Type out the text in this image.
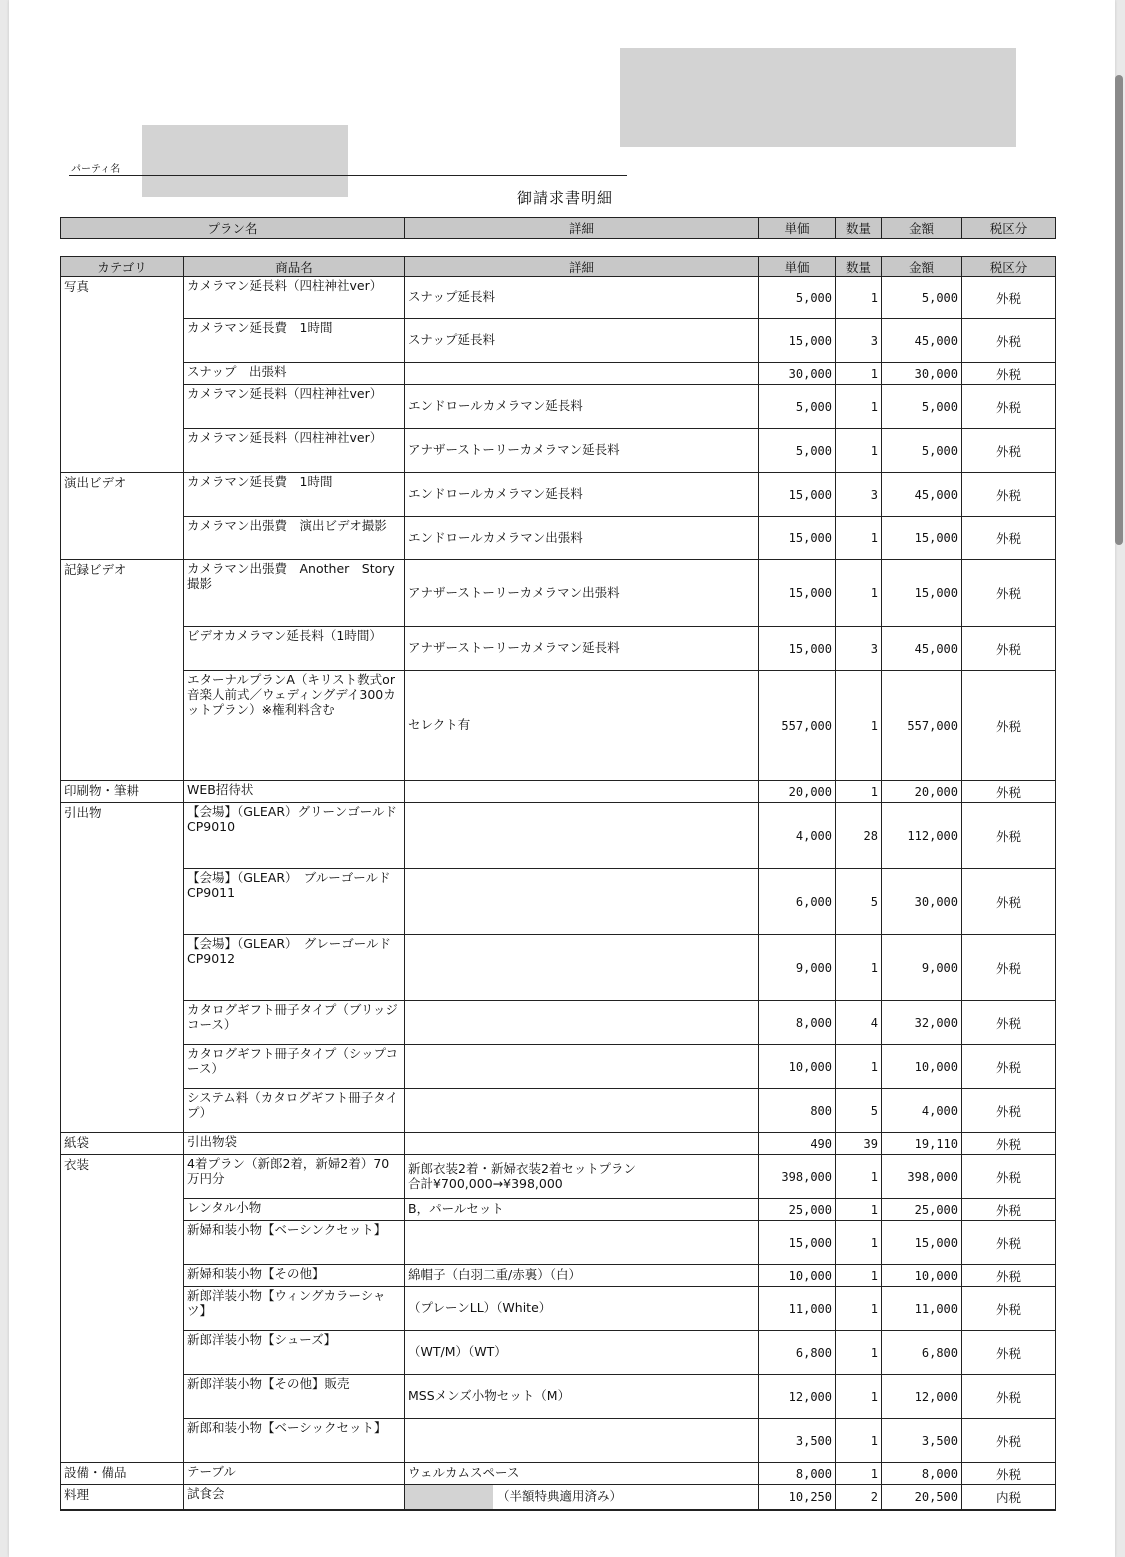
パーティ名
御請求書明細
プラン名	詳細	単価	数量	金額	税区分
カテゴリ	商品名	詳細	単価	数量	金額	税区分
写真	カメラマン延長料（四柱神社ver）	スナップ延長料	5,000	1	5,000	外税
	カメラマン延長費　1時間	スナップ延長料	15,000	3	45,000	外税
	スナップ　出張料		30,000	1	30,000	外税
	カメラマン延長料（四柱神社ver）	エンドロールカメラマン延長料	5,000	1	5,000	外税
	カメラマン延長料（四柱神社ver）	アナザーストーリーカメラマン延長料	5,000	1	5,000	外税
演出ビデオ	カメラマン延長費　1時間	エンドロールカメラマン延長料	15,000	3	45,000	外税
	カメラマン出張費　演出ビデオ撮影	エンドロールカメラマン出張料	15,000	1	15,000	外税
記録ビデオ	カメラマン出張費　Another　Story撮影	アナザーストーリーカメラマン出張料	15,000	1	15,000	外税
	ビデオカメラマン延長料（1時間）	アナザーストーリーカメラマン延長料	15,000	3	45,000	外税
	エターナルプランA（キリスト教式or音楽人前式／ウェディングデイ300カットプラン）※権利料含む	セレクト有	557,000	1	557,000	外税
印刷物・筆耕	WEB招待状		20,000	1	20,000	外税
引出物	【会場】（GLEAR）グリーンゴールド　CP9010		4,000	28	112,000	外税
	【会場】（GLEAR）　ブルーゴールド　CP9011		6,000	5	30,000	外税
	【会場】（GLEAR）　グレーゴールド　CP9012		9,000	1	9,000	外税
	カタログギフト冊子タイプ（ブリッジコース）		8,000	4	32,000	外税
	カタログギフト冊子タイプ（シップコース）		10,000	1	10,000	外税
	システム料（カタログギフト冊子タイプ）		800	5	4,000	外税
紙袋	引出物袋		490	39	19,110	外税
衣装	4着プラン（新郎2着，新婦2着）70万円分	新郎衣装2着・新婦衣装2着セットプラン
合計¥700,000→¥398,000	398,000	1	398,000	外税
	レンタル小物	B，パールセット	25,000	1	25,000	外税
	新婦和装小物【ベーシンクセット】		15,000	1	15,000	外税
	新婦和装小物【その他】	綿帽子（白羽二重/赤裏）（白）	10,000	1	10,000	外税
	新郎洋装小物【ウィングカラーシャツ】	（プレーンLL）（White）	11,000	1	11,000	外税
	新郎洋装小物【シューズ】	（WT/M）（WT）	6,800	1	6,800	外税
	新郎洋装小物【その他】販売	MSSメンズ小物セット（M）	12,000	1	12,000	外税
	新郎和装小物【ベーシックセット】		3,500	1	3,500	外税
設備・備品	テーブル	ウェルカムスペース	8,000	1	8,000	外税
料理	試食会	（半額特典適用済み）	10,250	2	20,500	内税
